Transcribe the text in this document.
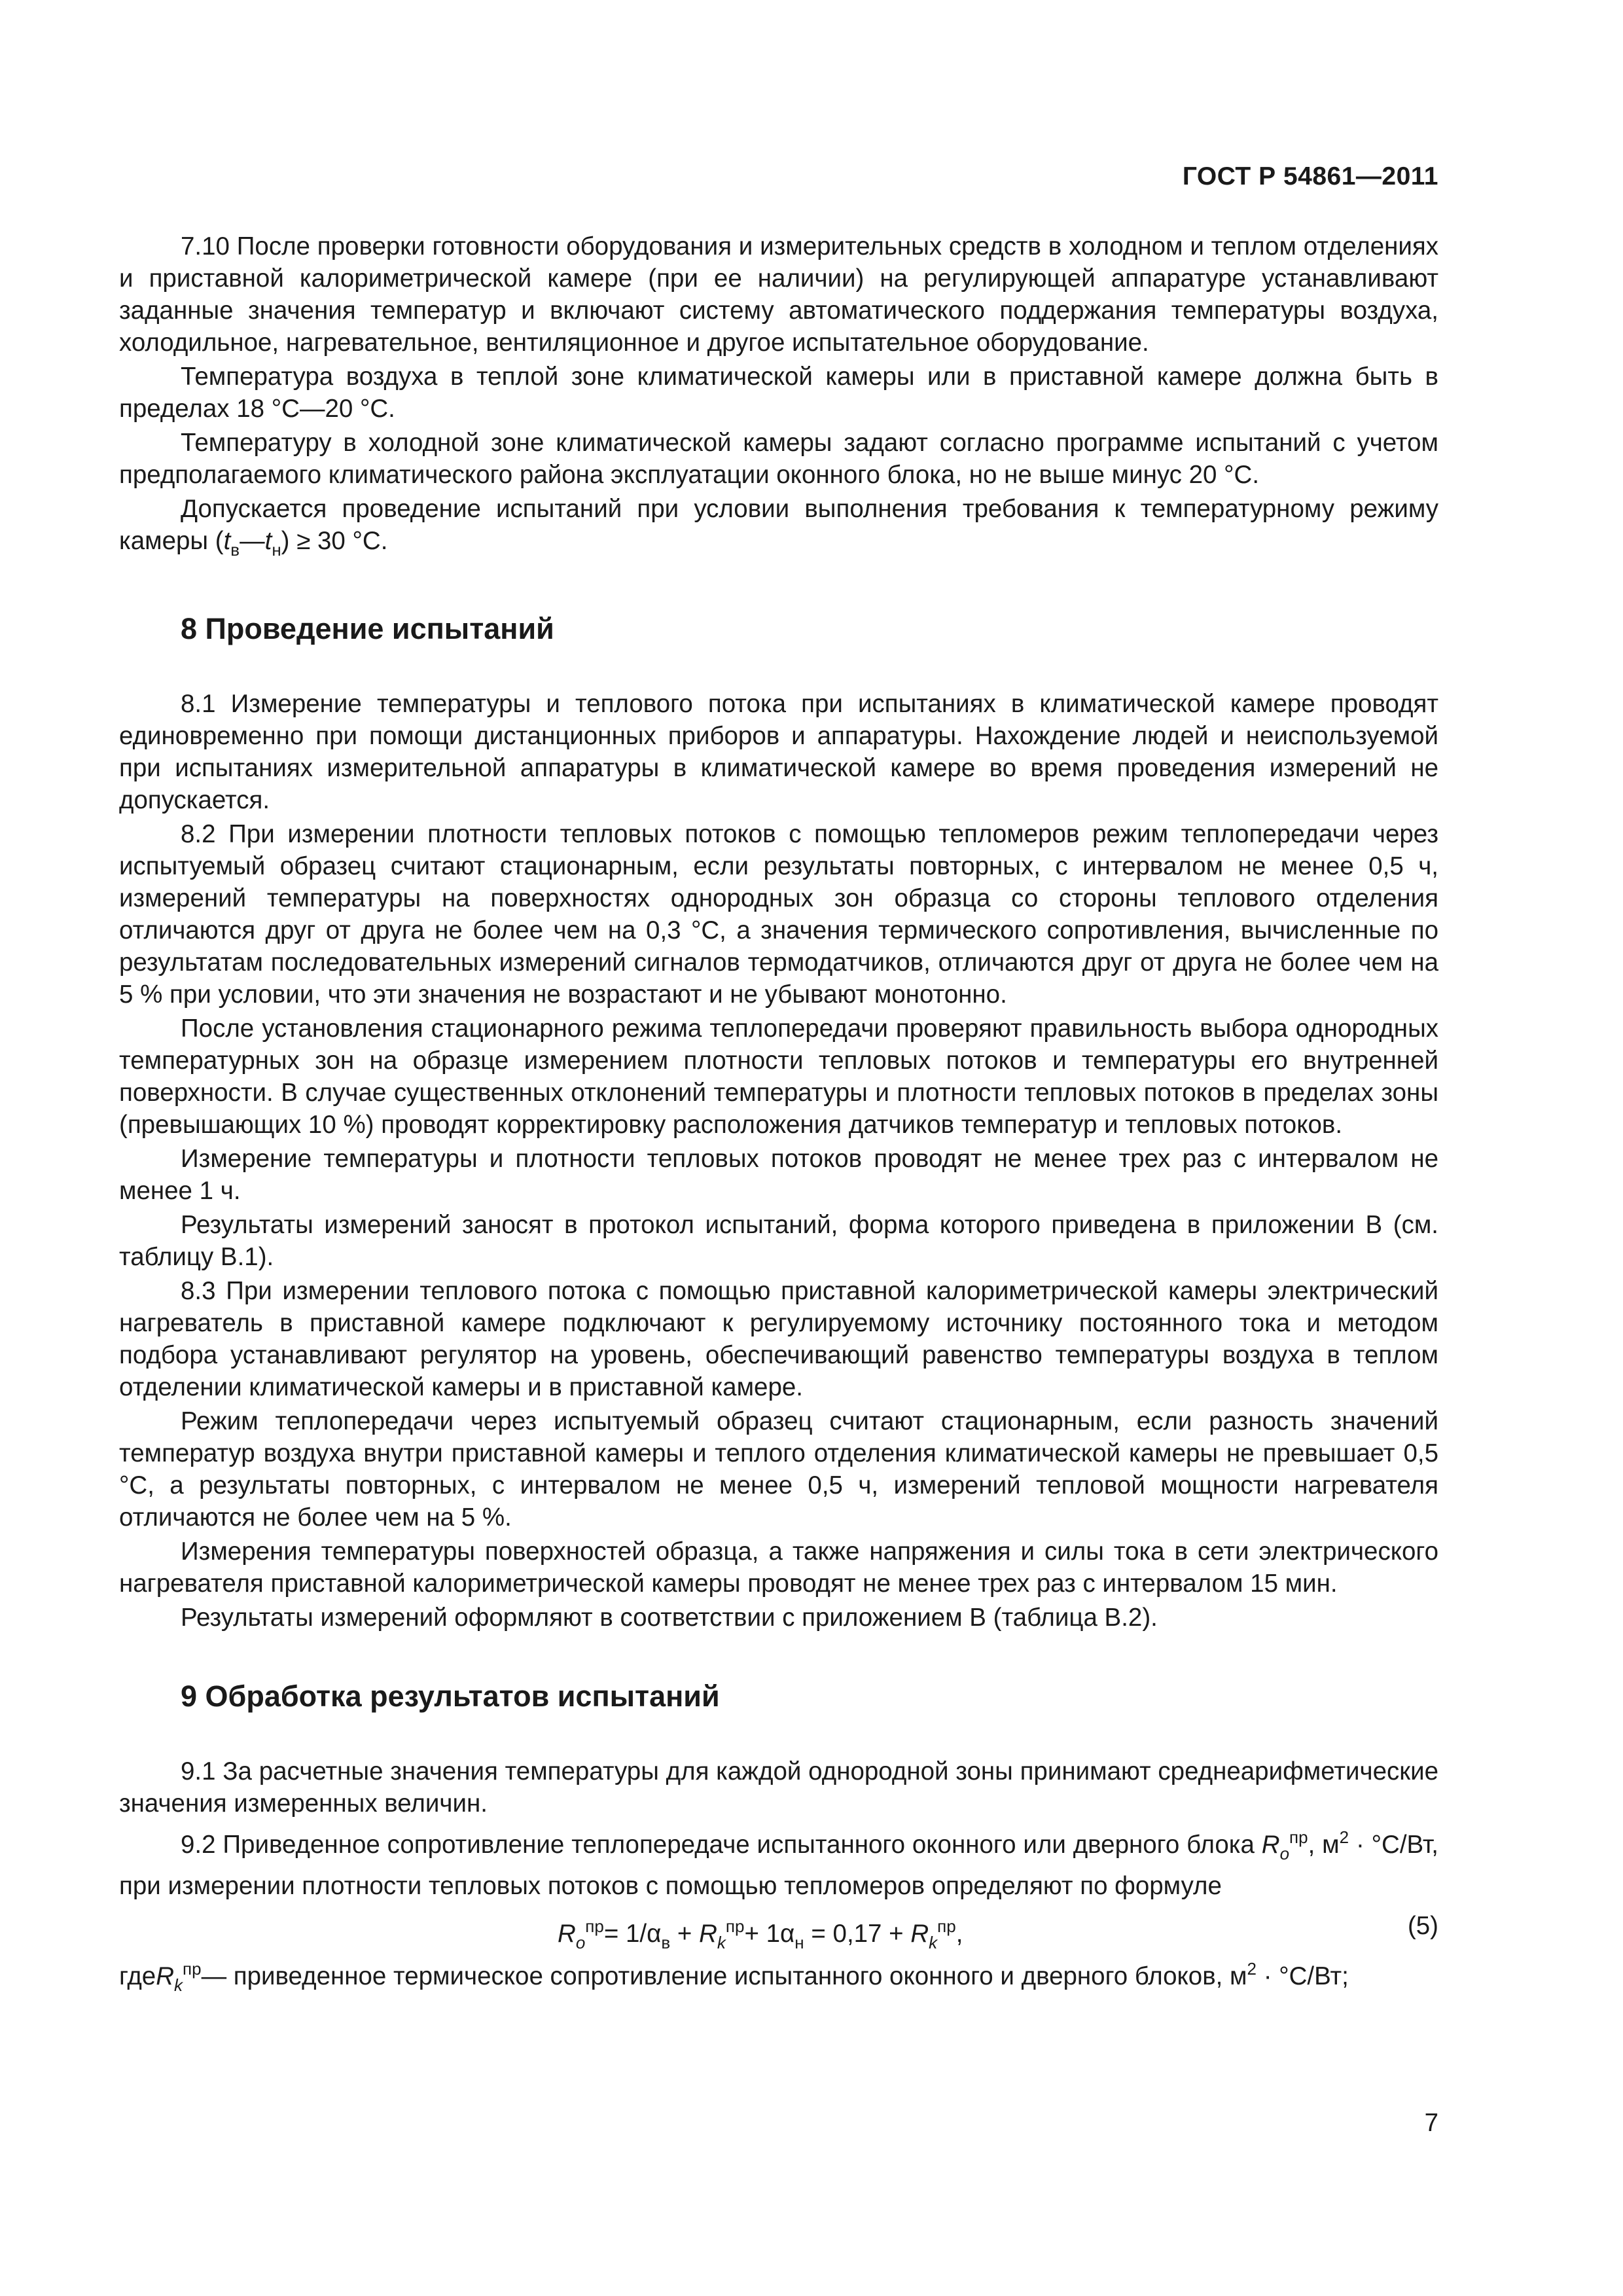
ГОСТ Р 54861—2011

7.10 После проверки готовности оборудования и измерительных средств в холодном и теплом отделениях и приставной калориметрической камере (при ее наличии) на регулирующей аппаратуре устанавливают заданные значения температур и включают систему автоматического поддержания температуры воздуха, холодильное, нагревательное, вентиляционное и другое испытательное оборудование.

Температура воздуха в теплой зоне климатической камеры или в приставной камере должна быть в пределах 18 °С—20 °С.

Температуру в холодной зоне климатической камеры задают согласно программе испытаний с учетом предполагаемого климатического района эксплуатации оконного блока, но не выше минус 20 °С.

Допускается проведение испытаний при условии выполнения требования к температурному режиму камеры $(t_в—t_н) \ge 30$ °С.

8 Проведение испытаний

8.1 Измерение температуры и теплового потока при испытаниях в климатической камере проводят единовременно при помощи дистанционных приборов и аппаратуры. Нахождение людей и неиспользуемой при испытаниях измерительной аппаратуры в климатической камере во время проведения измерений не допускается.

8.2 При измерении плотности тепловых потоков с помощью тепломеров режим теплопередачи через испытуемый образец считают стационарным, если результаты повторных, с интервалом не менее 0,5 ч, измерений температуры на поверхностях однородных зон образца со стороны теплового отделения отличаются друг от друга не более чем на 0,3 °С, а значения термического сопротивления, вычисленные по результатам последовательных измерений сигналов термодатчиков, отличаются друг от друга не более чем на 5 % при условии, что эти значения не возрастают и не убывают монотонно.

После установления стационарного режима теплопередачи проверяют правильность выбора однородных температурных зон на образце измерением плотности тепловых потоков и температуры его внутренней поверхности. В случае существенных отклонений температуры и плотности тепловых потоков в пределах зоны (превышающих 10 %) проводят корректировку расположения датчиков температур и тепловых потоков.

Измерение температуры и плотности тепловых потоков проводят не менее трех раз с интервалом не менее 1 ч.

Результаты измерений заносят в протокол испытаний, форма которого приведена в приложении В (см. таблицу В.1).

8.3 При измерении теплового потока с помощью приставной калориметрической камеры электрический нагреватель в приставной камере подключают к регулируемому источнику постоянного тока и методом подбора устанавливают регулятор на уровень, обеспечивающий равенство температуры воздуха в теплом отделении климатической камеры и в приставной камере.

Режим теплопередачи через испытуемый образец считают стационарным, если разность значений температур воздуха внутри приставной камеры и теплого отделения климатической камеры не превышает 0,5 °С, а результаты повторных, с интервалом не менее 0,5 ч, измерений тепловой мощности нагревателя отличаются не более чем на 5 %.

Измерения температуры поверхностей образца, а также напряжения и силы тока в сети электрического нагревателя приставной калориметрической камеры проводят не менее трех раз с интервалом 15 мин.

Результаты измерений оформляют в соответствии с приложением В (таблица В.2).

9 Обработка результатов испытаний

9.1 За расчетные значения температуры для каждой однородной зоны принимают среднеарифметические значения измеренных величин.

9.2 Приведенное сопротивление теплопередаче испытанного оконного или дверного блока $R_o^{пр}$, $м^2 \cdot ^\circ С/Вт$, при измерении плотности тепловых потоков с помощью тепломеров определяют по формуле

$R_o^{пр}= 1/\alpha_в + R_k^{пр}+ 1\alpha_н = 0,17 + R_k^{пр}$,	(5)

гдеR$_k^{пр}$— приведенное термическое сопротивление испытанного оконного и дверного блоков, $м^2 \cdot ^\circ С/Вт$;

7
